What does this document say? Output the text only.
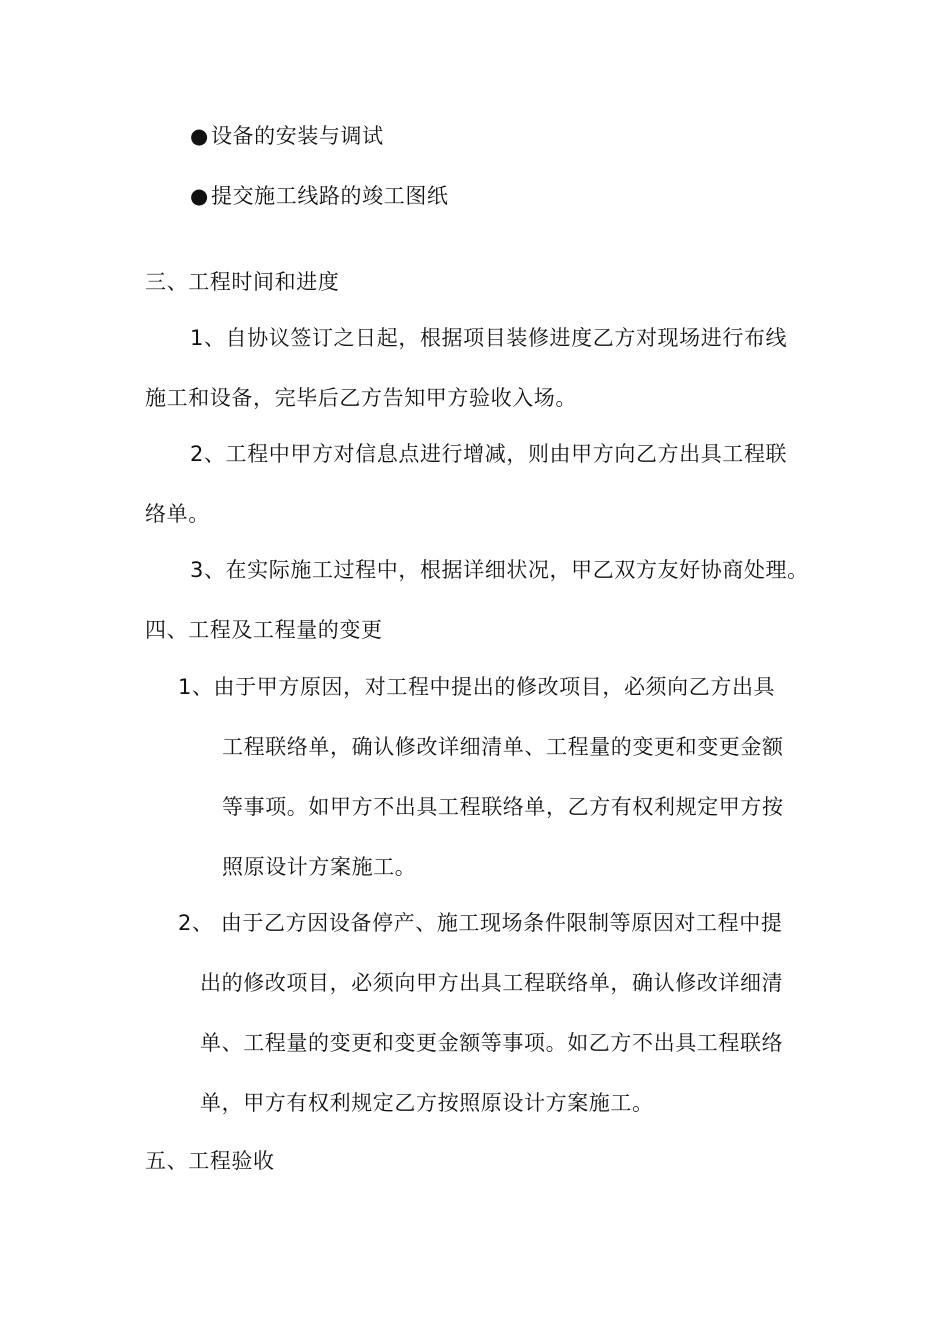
●设备的安装与调试
●提交施工线路的竣工图纸
三、工程时间和进度
1、自协议签订之日起，根据项目装修进度乙方对现场进行布线
施工和设备，完毕后乙方告知甲方验收入场。
2、工程中甲方对信息点进行增减，则由甲方向乙方出具工程联
络单。
3、在实际施工过程中，根据详细状况，甲乙双方友好协商处理。
四、工程及工程量的变更
1、由于甲方原因，对工程中提出的修改项目，必须向乙方出具
工程联络单，确认修改详细清单、工程量的变更和变更金额
等事项。如甲方不出具工程联络单，乙方有权利规定甲方按
照原设计方案施工。
2、 由于乙方因设备停产、施工现场条件限制等原因对工程中提
出的修改项目，必须向甲方出具工程联络单，确认修改详细清
单、工程量的变更和变更金额等事项。如乙方不出具工程联络
单，甲方有权利规定乙方按照原设计方案施工。
五、工程验收
